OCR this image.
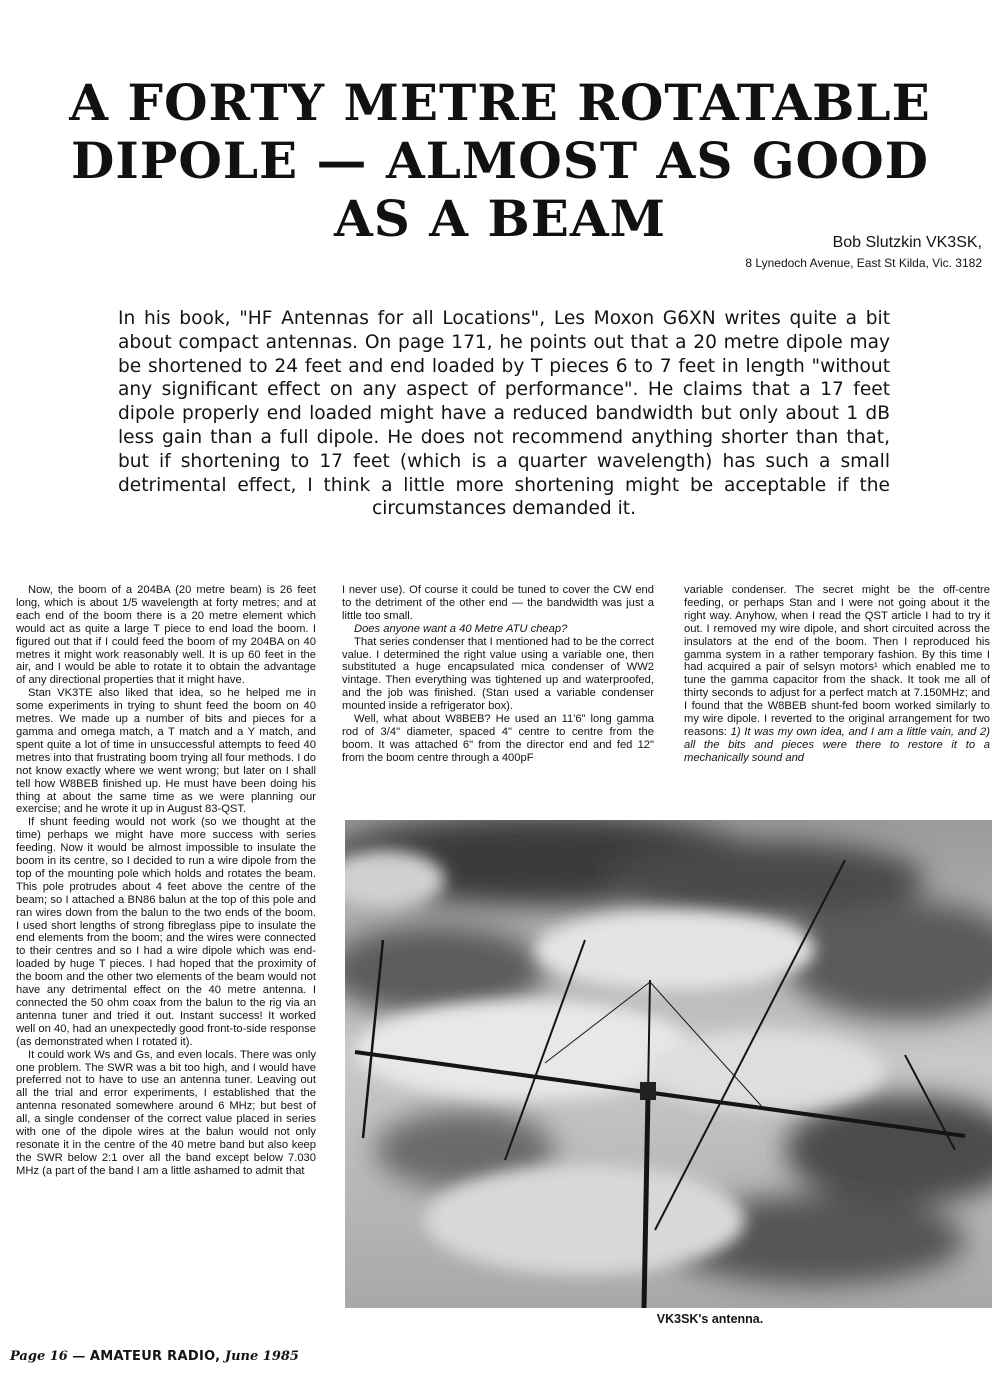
A FORTY METRE ROTATABLE
DIPOLE — ALMOST AS GOOD
AS A BEAM	Bob Slutzkin VK3SK,
8 Lynedoch Avenue, East St Kilda, Vic. 3182

In his book, "HF Antennas for all Locations", Les Moxon G6XN writes quite a bit about compact antennas. On page 171, he points out that a 20 metre dipole may be shortened to 24 feet and end loaded by T pieces 6 to 7 feet in length "without any significant effect on any aspect of performance". He claims that a 17 feet dipole properly end loaded might have a reduced bandwidth but only about 1 dB less gain than a full dipole. He does not recommend anything shorter than that, but if shortening to 17 feet (which is a quarter wavelength) has such a small detrimental effect, I think a little more shortening might be acceptable if the circumstances demanded it.

Now, the boom of a 204BA (20 metre beam) is 26 feet long, which is about 1/5 wavelength at forty metres; and at each end of the boom there is a 20 metre element which would act as quite a large T piece to end load the boom. I figured out that if I could feed the boom of my 204BA on 40 metres it might work reasonably well. It is up 60 feet in the air, and I would be able to rotate it to obtain the advantage of any directional properties that it might have.

Stan VK3TE also liked that idea, so he helped me in some experiments in trying to shunt feed the boom on 40 metres. We made up a number of bits and pieces for a gamma and omega match, a T match and a Y match, and spent quite a lot of time in unsuccessful attempts to feed 40 metres into that frustrating boom trying all four methods. I do not know exactly where we went wrong; but later on I shall tell how W8BEB finished up. He must have been doing his thing at about the same time as we were planning our exercise; and he wrote it up in August 83-QST.

If shunt feeding would not work (so we thought at the time) perhaps we might have more success with series feeding. Now it would be almost impossible to insulate the boom in its centre, so I decided to run a wire dipole from the top of the mounting pole which holds and rotates the beam. This pole protrudes about 4 feet above the centre of the beam; so I attached a BN86 balun at the top of this pole and ran wires down from the balun to the two ends of the boom. I used short lengths of strong fibreglass pipe to insulate the end elements from the boom; and the wires were connected to their centres and so I had a wire dipole which was end-loaded by huge T pieces. I had hoped that the proximity of the boom and the other two elements of the beam would not have any detrimental effect on the 40 metre antenna. I connected the 50 ohm coax from the balun to the rig via an antenna tuner and tried it out. Instant success! It worked well on 40, had an unexpectedly good front-to-side response (as demonstrated when I rotated it).

It could work Ws and Gs, and even locals. There was only one problem. The SWR was a bit too high, and I would have preferred not to have to use an antenna tuner. Leaving out all the trial and error experiments, I established that the antenna resonated somewhere around 6 MHz; but best of all, a single condenser of the correct value placed in series with one of the dipole wires at the balun would not only resonate it in the centre of the 40 metre band but also keep the SWR below 2:1 over all the band except below 7.030 MHz (a part of the band I am a little ashamed to admit that

I never use). Of course it could be tuned to cover the CW end to the detriment of the other end — the bandwidth was just a little too small.

Does anyone want a 40 Metre ATU cheap?

That series condenser that I mentioned had to be the correct value. I determined the right value using a variable one, then substituted a huge encapsulated mica condenser of WW2 vintage. Then everything was tightened up and waterproofed, and the job was finished. (Stan used a variable condenser mounted inside a refrigerator box).

Well, what about W8BEB? He used an 11'6" long gamma rod of 3/4" diameter, spaced 4" centre to centre from the boom. It was attached 6" from the director end and fed 12" from the boom centre through a 400pF

variable condenser. The secret might be the off-centre feeding, or perhaps Stan and I were not going about it the right way. Anyhow, when I read the QST article I had to try it out. I removed my wire dipole, and short circuited across the insulators at the end of the boom. Then I reproduced his gamma system in a rather temporary fashion. By this time I had acquired a pair of selsyn motors¹ which enabled me to tune the gamma capacitor from the shack. It took me all of thirty seconds to adjust for a perfect match at 7.150MHz; and I found that the W8BEB shunt-fed boom worked similarly to my wire dipole. I reverted to the original arrangement for two reasons: 1) It was my own idea, and I am a little vain, and 2) all the bits and pieces were there to restore it to a mechanically sound and

VK3SK's antenna.
Page 16 — AMATEUR RADIO, June 1985
